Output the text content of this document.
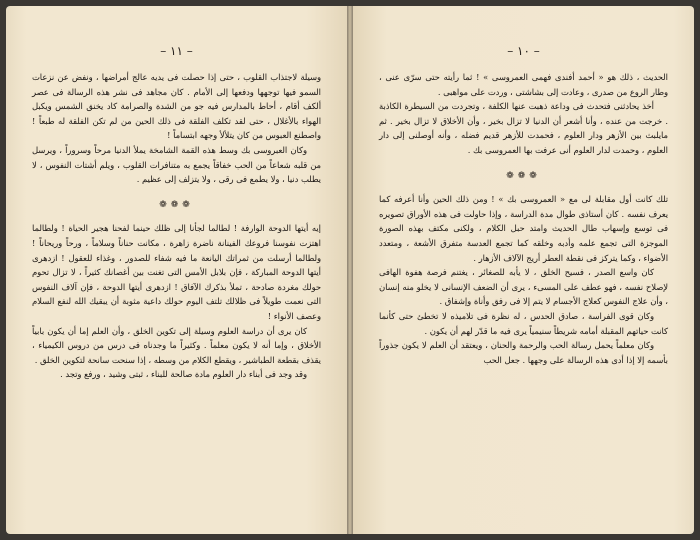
– ١١ –

وسيلة لاجتذاب القلوب ، حتى إذا حصلت فى يديه عالج أمراضها ، ونفض عن نزعات السمو فيها توجهها ودفعها إلى الأمام . كان مجاهد فى نشر هذه الرسالة فى عصر ألكف أقام ، أحاط بالمدارس فيه جو من الشدة والصرامة كاد يخنق الشمس ويكبل الهواء بالأغلال ، حتى لقد تكلف الفلقة فى ذلك الحين من لم تكن الفلقة له طبعاً ! واصطنع العبوس من كان يتلألأ وجهه ابتساماً !

وكان العبروسى بك وسط هذه القمة الشامخة يملأ الدنيا مرحاً وسروراً ، ويرسل من قلبه شعاعاً من الحب خفاقاً يجمع به متنافرات القلوب ، ويلم أشتات النفوس ، لا يطلب دنيا ، ولا يطمع فى رقى ، ولا يتزلف إلى عظيم .

❁❁❁

إيه أيتها الدوحة الوارفة ! لطالما لجأنا إلى ظلك حينما لفحنا هجير الحياة ! ولطالما اهتزت نفوسنا فروعك الفينانة ناضرة زاهرة ، مكانت حناناً وسلاماً ، ورحاً وريحاناً ! ولطالما أرسلت من ثمراتك اليانعة ما فيه شفاء للصدور ، وغذاء للعقول ! ازدهرى أيتها الدوحة المباركة ، فإن بلابل الأمس التى تغنت بين أغصانك كثيراً ، لا تزال تحوم حولك مغردة صادحة ، تملأ بذكرك الآفاق ! ازدهرى أيتها الدوحة ، فإن آلاف النفوس التى نعمت طويلاً فى ظلالك تلتف اليوم حولك داعية مثوبة أن يبقيك الله لنفع السلام وعصف الأنواء !

كان يرى أن دراسة العلوم وسيلة إلى تكوين الخلق ، وأن العلم إما أن يكون بابياً الأخلاق ، وإما أنه لا يكون معلماً . وكثيراً ما وجدناه فى درس من دروس الكيمياء ، يقذف بقطعة الطباشير ، ويقطع الكلام من وسطه ، إذا سنحت سانحة لتكوين الخلق .

وقد وجد فى أبناء دار العلوم مادة صالحة للبناء ، ثبتى وشيد ، ورفع وتجد .

– ١٠ –

الحديث ، ذلك هو « أحمد أفندى فهمى العمروسى » ! ثما رأيته حتى سرّى عنى ، وطار الروع من صدرى ، وعادت إلى بشاشتى ، وردت على مواهبى .

أخذ يحادثنى فتحدث فى وداعة ذهبت عنها الكلفة ، وتجردت من السيطرة الكاذبة . خرجت من عنده ، وأنا أشعر أن الدنيا لا تزال بخير ، وأن الأخلاق لا تزال بخير . ثم مايلبث بين الأزهر ودار العلوم ، فحمدت للأزهر قديم فضله ، وأنه أوصلنى إلى دار العلوم ، وحمدت لدار العلوم أنى عرفت بها العمروسى بك .

❁❁❁

تلك كانت أول مقابلة لى مع « العمروسى بك » ! ومن ذلك الحين وأنا أعرفه كما يعرف نفسه . كان أستاذى طوال مدة الدراسة ، وإذا حاولت فى هذه الأوراق تصويره فى توسع وإسهاب طال الحديث وامتد حبل الكلام ، ولكنى مكتف بهذه الصورة الموجزة التى تجمع علمه وأدبه وخلقه كما تجمع العدسة متفرق الأشعة ، ومتعدد الأضواء ، وكما يتركز فى نقطة العطر أريج الآلاف الأزهار .

كان واسع الصدر ، فسيح الخلق ، لا يأبه للصغائر ، يغتنم فرصة هفوة الهافى لإصلاح نفسه ، فهو عطف على المسىء ، يرى أن الضعف الإنسانى لا يخلو منه إنسان ، وأن علاج النفوس كعلاج الأجسام لا يتم إلا فى رفق وأناة وإشفاق .

وكان قوى الفراسة ، صادق الحدس ، له نظرة فى تلاميذه لا تخطئ حتى كأنما كانت حياتهم المقبلة أمامه شريطاً سنيمياً يرى فيه ما قدّر لهم أن يكون .

وكان معلماً يحمل رسالة الحب والرحمة والحنان ، ويعتقد أن العلم لا يكون جذوراً بأسمه إلا إذا أدى هذه الرسالة على وجهها . جعل الحب
